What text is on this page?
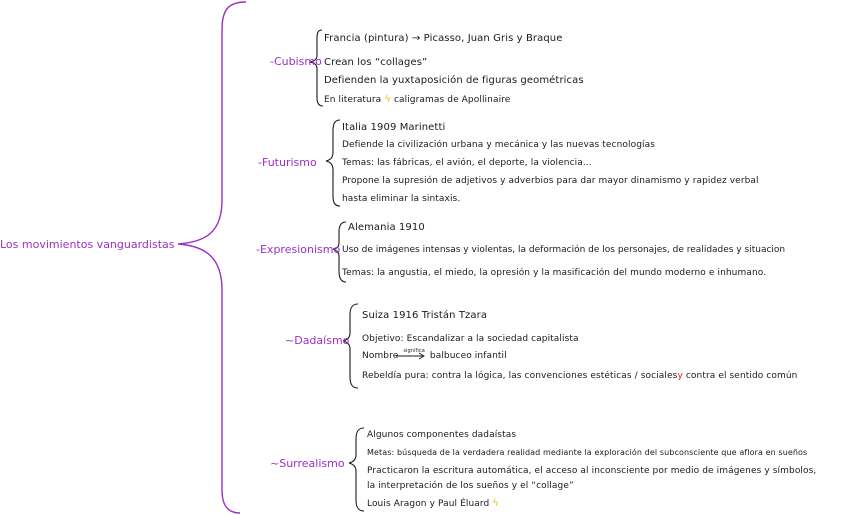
Los movimientos vanguardistas
-Cubismo
Francia (pintura) → Picasso, Juan Gris y Braque
Crean los “collages”
Defienden la yuxtaposición de figuras geométricas
En literatura ϟ caligramas de Apollinaire
-Futurismo
Italia 1909 Marinetti
Defiende la civilización urbana y mecánica y las nuevas tecnologías
Temas: las fábricas, el avión, el deporte, la violencia...
Propone la supresión de adjetivos y adverbios para dar mayor dinamismo y rapidez verbal
hasta eliminar la sintaxis.
-Expresionismo
Alemania 1910
Uso de imágenes intensas y violentas, la deformación de los personajes, de realidades y situacion
Temas: la angustia, el miedo, la opresión y la masificación del mundo moderno e inhumano.
~Dadaísmo
Suiza 1916 Tristán Tzara
Objetivo: Escandalizar a la sociedad capitalista
Nombre $^{significa}$ balbuceo infantil
Rebeldía pura: contra la lógica, las convenciones estéticas / socialesy contra el sentido común
~Surrealismo
Algunos componentes dadaístas
Metas: búsqueda de la verdadera realidad mediante la exploración del subconsciente que aflora en sueños
Practicaron la escritura automática, el acceso al inconsciente por medio de imágenes y símbolos,
la interpretación de los sueños y el “collage”
Louis Aragon y Paul Éluard ϟ
